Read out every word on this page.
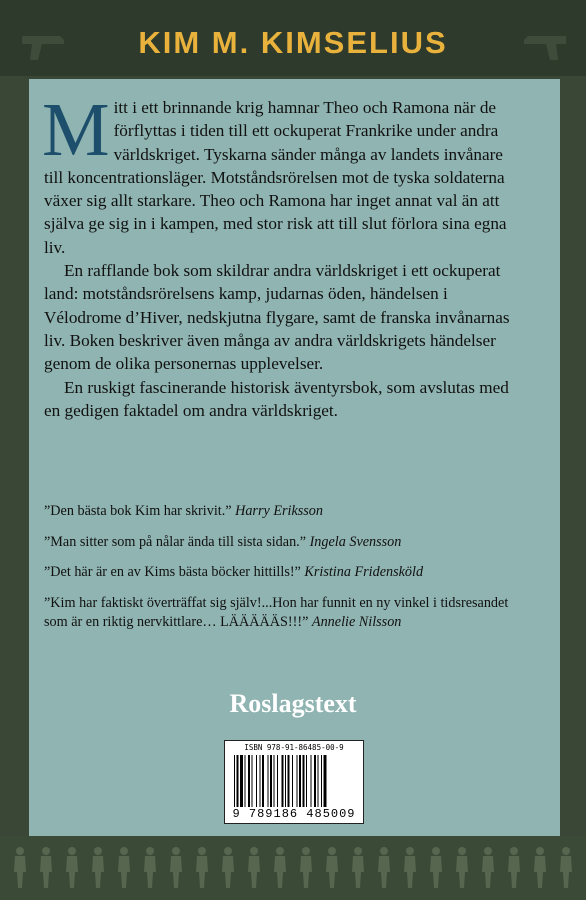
KIM M. KIMSELIUS

Mitt i ett brinnande krig hamnar Theo och Ramona när de förflyttas i tiden till ett ockuperat Frankrike under andra världskriget. Tyskarna sänder många av landets invånare till koncentrationsläger. Motståndsrörelsen mot de tyska soldaterna växer sig allt starkare. Theo och Ramona har inget annat val än att själva ge sig in i kampen, med stor risk att till slut förlora sina egna liv.

En rafflande bok som skildrar andra världskriget i ett ockuperat land: motståndsrörelsens kamp, judarnas öden, händelsen i Vélodrome d’Hiver, nedskjutna flygare, samt de franska invånarnas liv. Boken beskriver även många av andra världskrigets händelser genom de olika personernas upplevelser.

En ruskigt fascinerande historisk äventyrsbok, som avslutas med en gedigen faktadel om andra världskriget.

”Den bästa bok Kim har skrivit.” Harry Eriksson

”Man sitter som på nålar ända till sista sidan.” Ingela Svensson

”Det här är en av Kims bästa böcker hittills!” Kristina Fridensköld

”Kim har faktiskt överträffat sig själv!...Hon har funnit en ny vinkel i tidsresandet som är en riktig nervkittlare… LÄÄÄÄÄS!!!” Annelie Nilsson

Roslagstext
ISBN 978-91-86485-00-9
9 789186 485009
